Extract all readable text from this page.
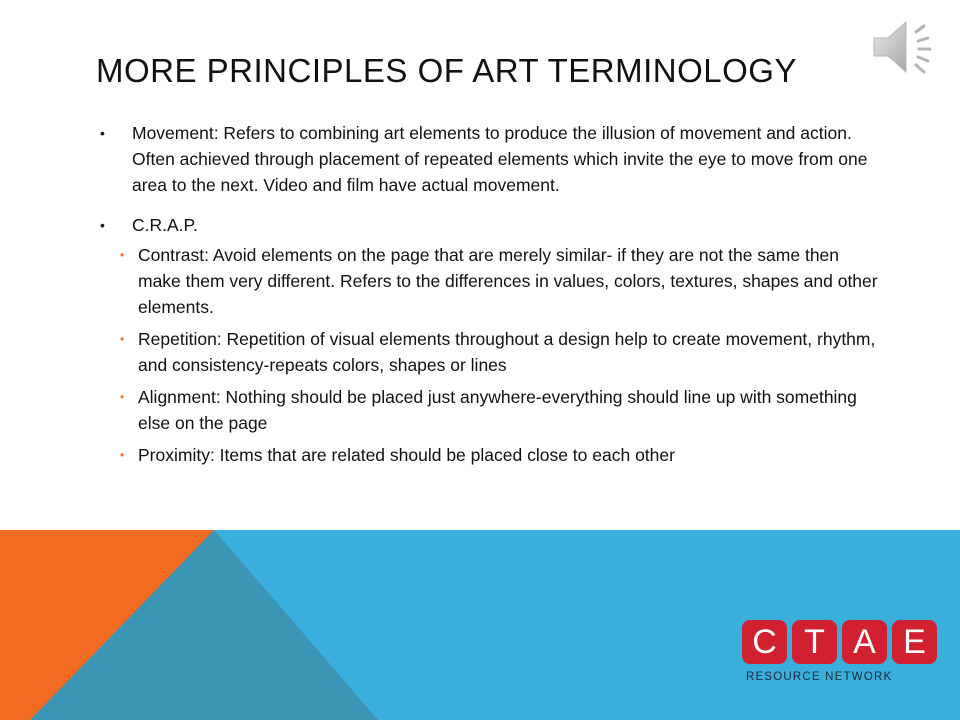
MORE PRINCIPLES OF ART TERMINOLOGY
• Movement: Refers to combining art elements to produce the illusion of movement and action. Often achieved through placement of repeated elements which invite the eye to move from one area to the next. Video and film have actual movement.
• C.R.A.P.
• Contrast: Avoid elements on the page that are merely similar- if they are not the same then make them very different. Refers to the differences in values, colors, textures, shapes and other elements.
• Repetition: Repetition of visual elements throughout a design help to create movement, rhythm, and consistency-repeats colors, shapes or lines
• Alignment: Nothing should be placed just anywhere-everything should line up with something else on the page
• Proximity: Items that are related should be placed close to each other
C T A E
RESOURCE NETWORK
